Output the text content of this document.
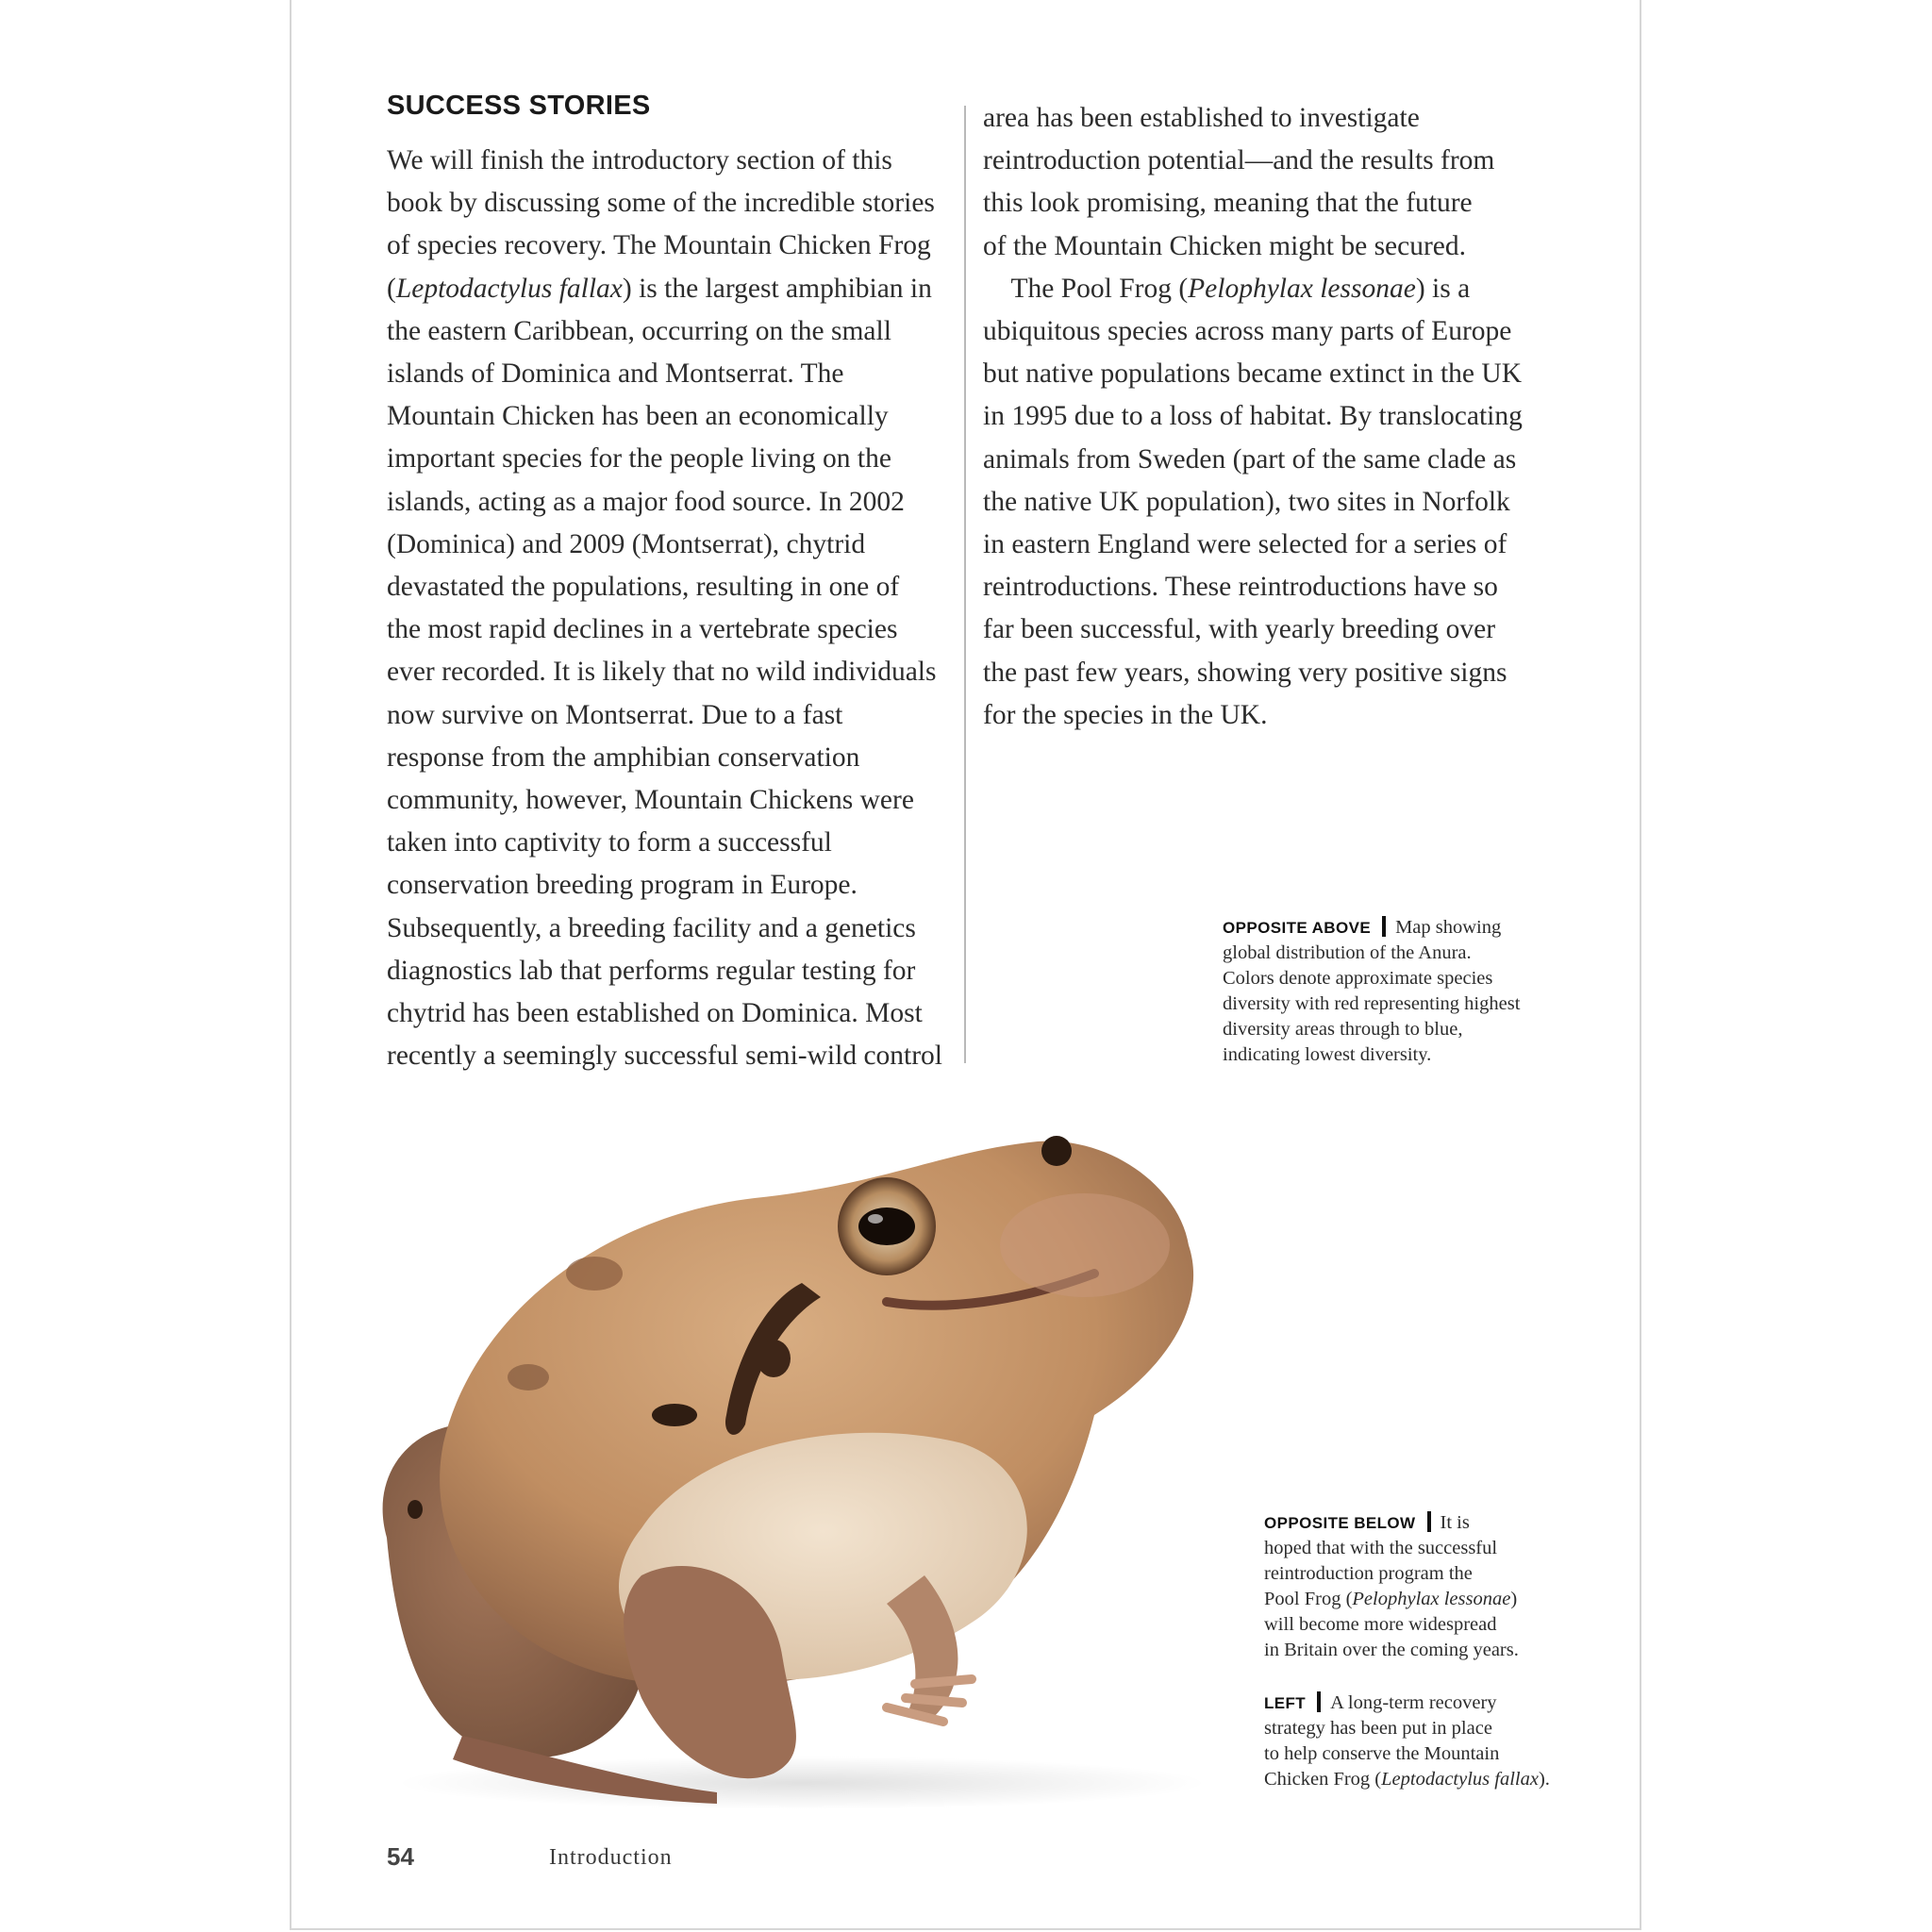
SUCCESS STORIES
We will finish the introductory section of this
book by discussing some of the incredible stories
of species recovery. The Mountain Chicken Frog
(Leptodactylus fallax) is the largest amphibian in
the eastern Caribbean, occurring on the small
islands of Dominica and Montserrat. The
Mountain Chicken has been an economically
important species for the people living on the
islands, acting as a major food source. In 2002
(Dominica) and 2009 (Montserrat), chytrid
devastated the populations, resulting in one of
the most rapid declines in a vertebrate species
ever recorded. It is likely that no wild individuals
now survive on Montserrat. Due to a fast
response from the amphibian conservation
community, however, Mountain Chickens were
taken into captivity to form a successful
conservation breeding program in Europe.
Subsequently, a breeding facility and a genetics
diagnostics lab that performs regular testing for
chytrid has been established on Dominica. Most
recently a seemingly successful semi-wild control
area has been established to investigate
reintroduction potential—and the results from
this look promising, meaning that the future
of the Mountain Chicken might be secured.
 The Pool Frog (Pelophylax lessonae) is a
ubiquitous species across many parts of Europe
but native populations became extinct in the UK
in 1995 due to a loss of habitat. By translocating
animals from Sweden (part of the same clade as
the native UK population), two sites in Norfolk
in eastern England were selected for a series of
reintroductions. These reintroductions have so
far been successful, with yearly breeding over
the past few years, showing very positive signs
for the species in the UK.
OPPOSITE ABOVE Map showing
global distribution of the Anura.
Colors denote approximate species
diversity with red representing highest
diversity areas through to blue,
indicating lowest diversity.
OPPOSITE BELOW It is
hoped that with the successful
reintroduction program the
Pool Frog (Pelophylax lessonae)
will become more widespread
in Britain over the coming years.
LEFT A long-term recovery
strategy has been put in place
to help conserve the Mountain
Chicken Frog (Leptodactylus fallax).
54	Introduction
